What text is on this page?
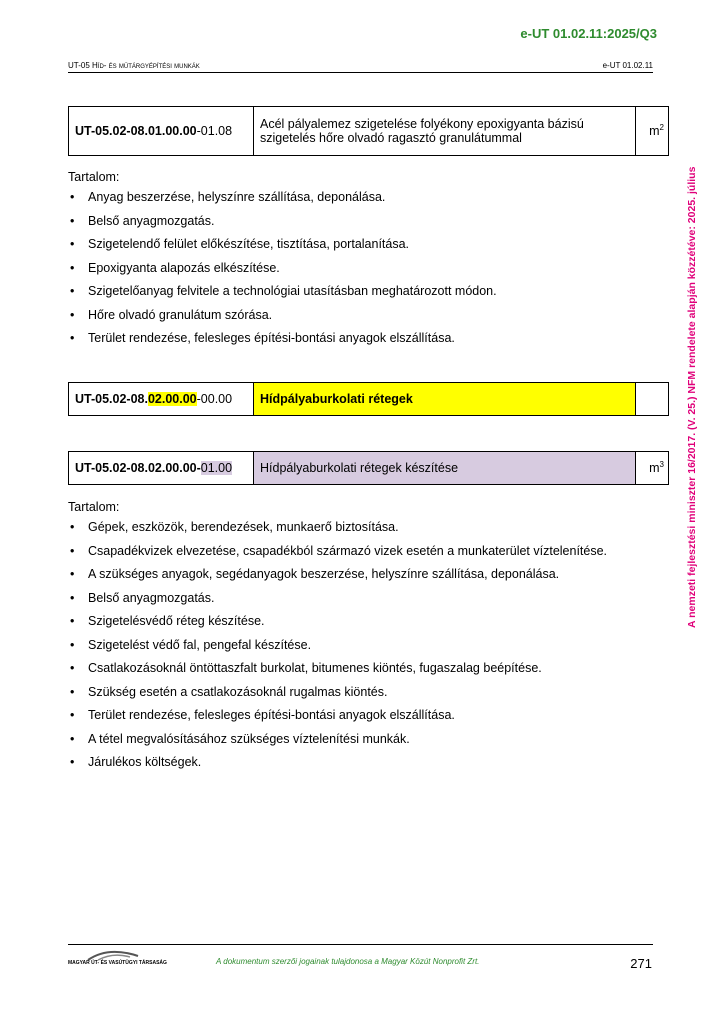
e-UT 01.02.11:2025/Q3
UT-05 Híd- és műtárgyépítési munkák	e-UT 01.02.11
A nemzeti fejlesztési miniszter 16/2017. (V. 25.) NFM rendelete alapján közzétéve: 2025. július
UT-05.02-08.01.00.00-01.08	Acél pályalemez szigetelése folyékony epoxigyanta bázisú szigetelés hőre olvadó ragasztó granulátummal	$m^2$
Tartalom:
• Anyag beszerzése, helyszínre szállítása, deponálása.
• Belső anyagmozgatás.
• Szigetelendő felület előkészítése, tisztítása, portalanítása.
• Epoxigyanta alapozás elkészítése.
• Szigetelőanyag felvitele a technológiai utasításban meghatározott módon.
• Hőre olvadó granulátum szórása.
• Terület rendezése, felesleges építési-bontási anyagok elszállítása.
UT-05.02-08.02.00.00-00.00	Hídpályaburkolati rétegek	
UT-05.02-08.02.00.00-01.00	Hídpályaburkolati rétegek készítése	$m^3$
Tartalom:
• Gépek, eszközök, berendezések, munkaerő biztosítása.
• Csapadékvizek elvezetése, csapadékból származó vizek esetén a munkaterület víztelenítése.
• A szükséges anyagok, segédanyagok beszerzése, helyszínre szállítása, deponálása.
• Belső anyagmozgatás.
• Szigetelésvédő réteg készítése.
• Szigetelést védő fal, pengefal készítése.
• Csatlakozásoknál öntöttaszfalt burkolat, bitumenes kiöntés, fugaszalag beépítése.
• Szükség esetén a csatlakozásoknál rugalmas kiöntés.
• Terület rendezése, felesleges építési-bontási anyagok elszállítása.
• A tétel megvalósításához szükséges víztelenítési munkák.
• Járulékos költségek.
MAGYAR ÚT- ÉS VASÚTÜGYI TÁRSASÁG	A dokumentum szerzői jogainak tulajdonosa a Magyar Közút Nonprofit Zrt.	271
